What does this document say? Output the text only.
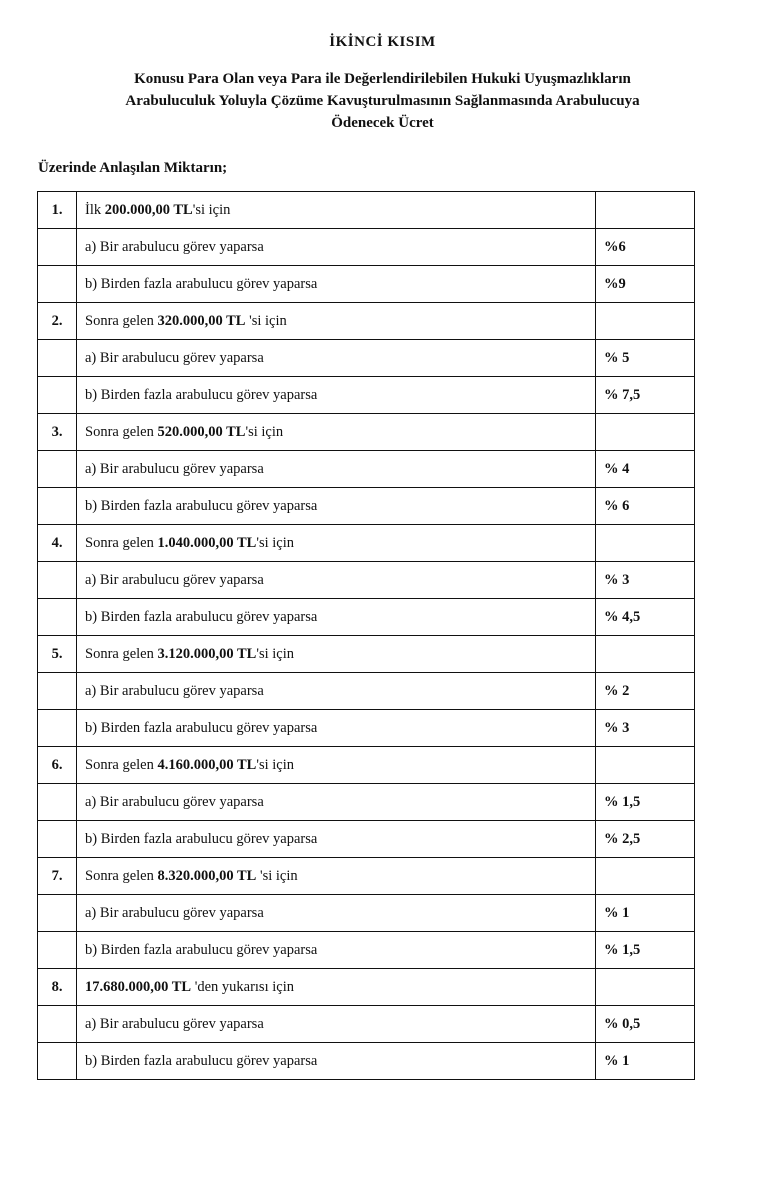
İKİNCİ KISIM
Konusu Para Olan veya Para ile Değerlendirilebilen Hukuki Uyuşmazlıkların
Arabuluculuk Yoluyla Çözüme Kavuşturulmasının Sağlanmasında Arabulucuya
Ödenecek Ücret
Üzerinde Anlaşılan Miktarın;
1.	İlk 200.000,00 TL'si için	
	a) Bir arabulucu görev yaparsa	%6
	b) Birden fazla arabulucu görev yaparsa	%9
2.	Sonra gelen 320.000,00 TL 'si için	
	a) Bir arabulucu görev yaparsa	% 5
	b) Birden fazla arabulucu görev yaparsa	% 7,5
3.	Sonra gelen 520.000,00 TL'si için	
	a) Bir arabulucu görev yaparsa	% 4
	b) Birden fazla arabulucu görev yaparsa	% 6
4.	Sonra gelen 1.040.000,00 TL'si için	
	a) Bir arabulucu görev yaparsa	% 3
	b) Birden fazla arabulucu görev yaparsa	% 4,5
5.	Sonra gelen 3.120.000,00 TL'si için	
	a) Bir arabulucu görev yaparsa	% 2
	b) Birden fazla arabulucu görev yaparsa	% 3
6.	Sonra gelen 4.160.000,00 TL'si için	
	a) Bir arabulucu görev yaparsa	% 1,5
	b) Birden fazla arabulucu görev yaparsa	% 2,5
7.	Sonra gelen 8.320.000,00 TL 'si için	
	a) Bir arabulucu görev yaparsa	% 1
	b) Birden fazla arabulucu görev yaparsa	% 1,5
8.	17.680.000,00 TL 'den yukarısı için	
	a) Bir arabulucu görev yaparsa	% 0,5
	b) Birden fazla arabulucu görev yaparsa	% 1
